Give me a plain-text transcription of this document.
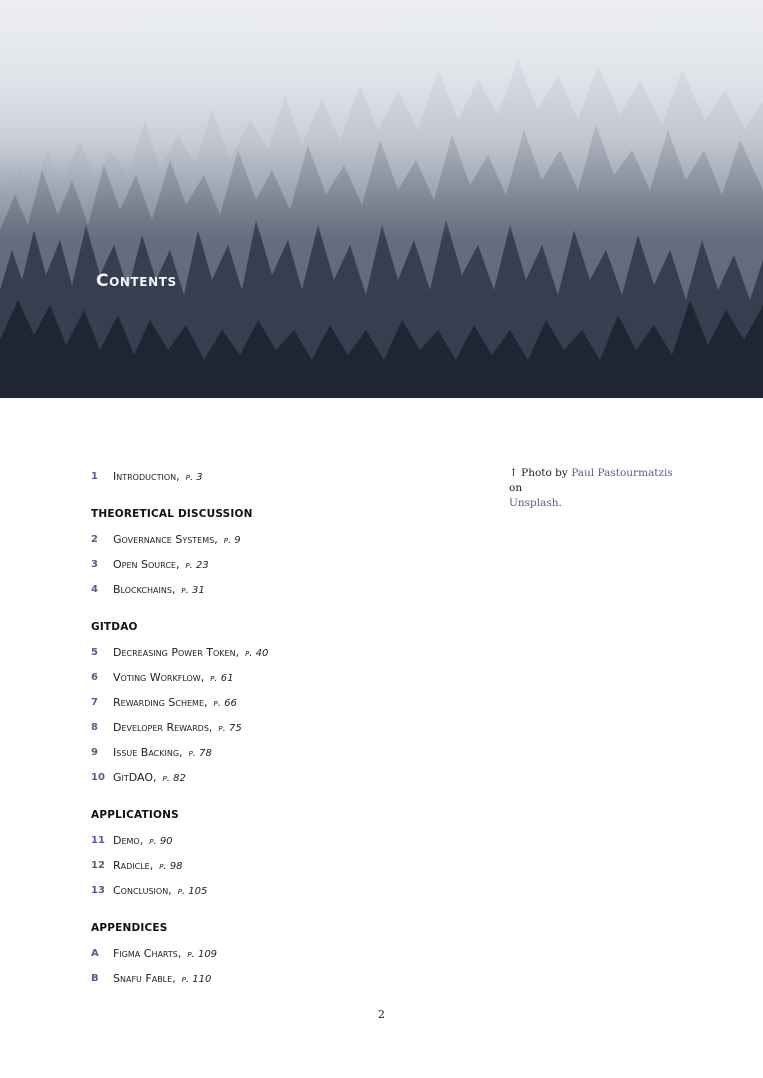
Contents
↑ Photo by Paul Pastourmatzis on
Unsplash.
1	Introduction, p. 3
THEORETICAL DISCUSSION
2	Governance Systems, p. 9
3	Open Source, p. 23
4	Blockchains, p. 31
GITDAO
5	Decreasing Power Token, p. 40
6	Voting Workflow, p. 61
7	Rewarding Scheme, p. 66
8	Developer Rewards, p. 75
9	Issue Backing, p. 78
10 GitDAO, p. 82
APPLICATIONS
11 Demo, p. 90
12 Radicle, p. 98
13 Conclusion, p. 105
APPENDICES
A	Figma Charts, p. 109
B	Snafu Fable, p. 110
2
